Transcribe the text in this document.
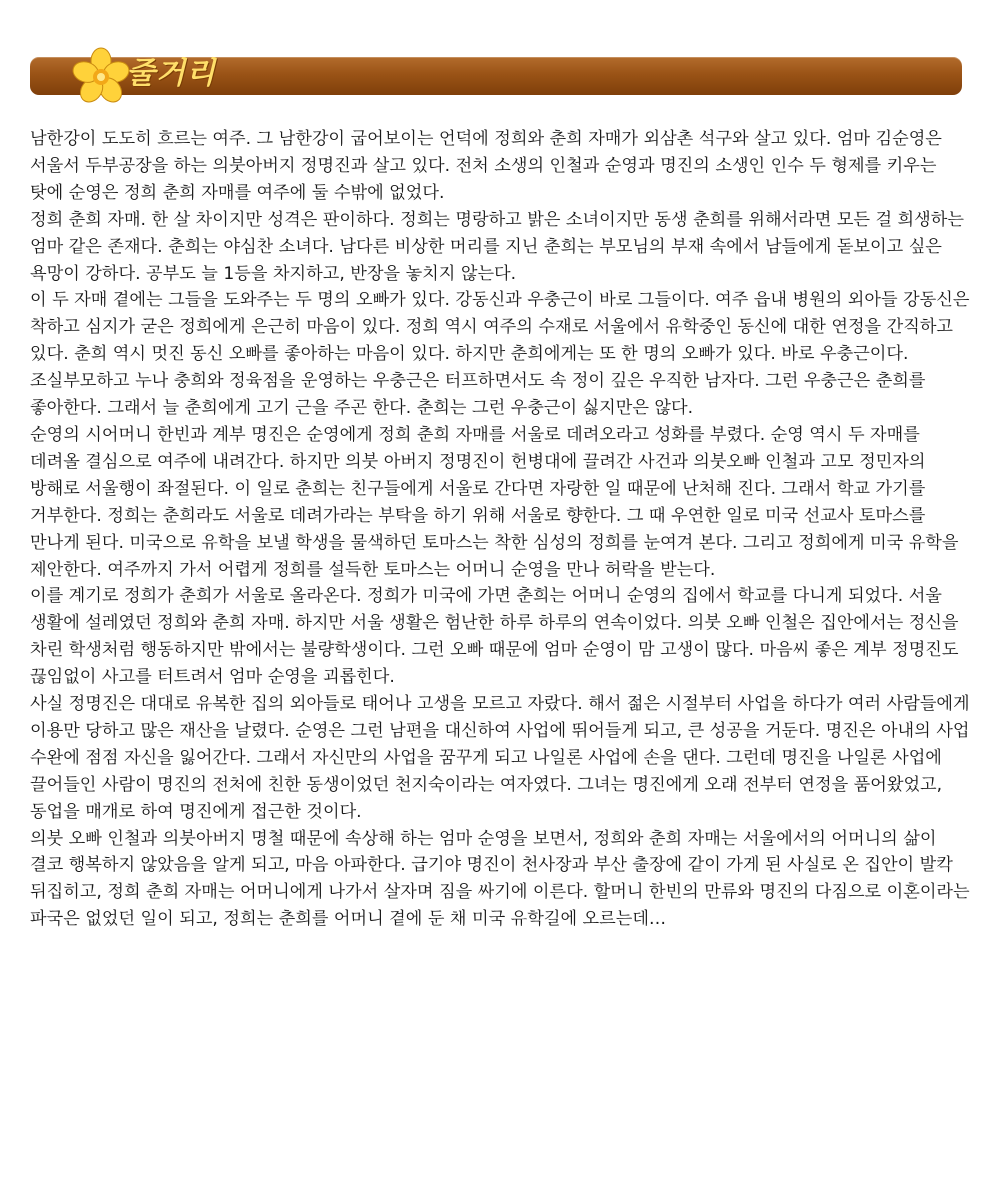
줄거리

남한강이 도도히 흐르는 여주. 그 남한강이 굽어보이는 언덕에 정희와 춘희 자매가 외삼촌 석구와 살고 있다. 엄마 김순영은 서울서 두부공장을 하는 의붓아버지 정명진과 살고 있다. 전처 소생의 인철과 순영과 명진의 소생인 인수 두 형제를 키우는 탓에 순영은 정희 춘희 자매를 여주에 둘 수밖에 없었다.

정희 춘희 자매. 한 살 차이지만 성격은 판이하다. 정희는 명랑하고 밝은 소녀이지만 동생 춘희를 위해서라면 모든 걸 희생하는 엄마 같은 존재다. 춘희는 야심찬 소녀다. 남다른 비상한 머리를 지닌 춘희는 부모님의 부재 속에서 남들에게 돋보이고 싶은 욕망이 강하다. 공부도 늘 1등을 차지하고, 반장을 놓치지 않는다.

이 두 자매 곁에는 그들을 도와주는 두 명의 오빠가 있다. 강동신과 우충근이 바로 그들이다. 여주 읍내 병원의 외아들 강동신은 착하고 심지가 굳은 정희에게 은근히 마음이 있다. 정희 역시 여주의 수재로 서울에서 유학중인 동신에 대한 연정을 간직하고 있다. 춘희 역시 멋진 동신 오빠를 좋아하는 마음이 있다. 하지만 춘희에게는 또 한 명의 오빠가 있다. 바로 우충근이다. 조실부모하고 누나 충희와 정육점을 운영하는 우충근은 터프하면서도 속 정이 깊은 우직한 남자다. 그런 우충근은 춘희를 좋아한다. 그래서 늘 춘희에게 고기 근을 주곤 한다. 춘희는 그런 우충근이 싫지만은 않다.

순영의 시어머니 한빈과 계부 명진은 순영에게 정희 춘희 자매를 서울로 데려오라고 성화를 부렸다. 순영 역시 두 자매를 데려올 결심으로 여주에 내려간다. 하지만 의붓 아버지 정명진이 헌병대에 끌려간 사건과 의붓오빠 인철과 고모 정민자의 방해로 서울행이 좌절된다. 이 일로 춘희는 친구들에게 서울로 간다면 자랑한 일 때문에 난처해 진다. 그래서 학교 가기를 거부한다. 정희는 춘희라도 서울로 데려가라는 부탁을 하기 위해 서울로 향한다. 그 때 우연한 일로 미국 선교사 토마스를 만나게 된다. 미국으로 유학을 보낼 학생을 물색하던 토마스는 착한 심성의 정희를 눈여겨 본다. 그리고 정희에게 미국 유학을 제안한다. 여주까지 가서 어렵게 정희를 설득한 토마스는 어머니 순영을 만나 허락을 받는다.

이를 계기로 정희가 춘희가 서울로 올라온다. 정희가 미국에 가면 춘희는 어머니 순영의 집에서 학교를 다니게 되었다. 서울 생활에 설레였던 정희와 춘희 자매. 하지만 서울 생활은 험난한 하루 하루의 연속이었다. 의붓 오빠 인철은 집안에서는 정신을 차린 학생처럼 행동하지만 밖에서는 불량학생이다. 그런 오빠 때문에 엄마 순영이 맘 고생이 많다. 마음씨 좋은 계부 정명진도 끊임없이 사고를 터트려서 엄마 순영을 괴롭힌다.

사실 정명진은 대대로 유복한 집의 외아들로 태어나 고생을 모르고 자랐다. 해서 젊은 시절부터 사업을 하다가 여러 사람들에게 이용만 당하고 많은 재산을 날렸다. 순영은 그런 남편을 대신하여 사업에 뛰어들게 되고, 큰 성공을 거둔다. 명진은 아내의 사업 수완에 점점 자신을 잃어간다. 그래서 자신만의 사업을 꿈꾸게 되고 나일론 사업에 손을 댄다. 그런데 명진을 나일론 사업에 끌어들인 사람이 명진의 전처에 친한 동생이었던 천지숙이라는 여자였다. 그녀는 명진에게 오래 전부터 연정을 품어왔었고, 동업을 매개로 하여 명진에게 접근한 것이다.

의붓 오빠 인철과 의붓아버지 명철 때문에 속상해 하는 엄마 순영을 보면서, 정희와 춘희 자매는 서울에서의 어머니의 삶이 결코 행복하지 않았음을 알게 되고, 마음 아파한다. 급기야 명진이 천사장과 부산 출장에 같이 가게 된 사실로 온 집안이 발칵 뒤집히고, 정희 춘희 자매는 어머니에게 나가서 살자며 짐을 싸기에 이른다. 할머니 한빈의 만류와 명진의 다짐으로 이혼이라는 파국은 없었던 일이 되고, 정희는 춘희를 어머니 곁에 둔 채 미국 유학길에 오르는데…
